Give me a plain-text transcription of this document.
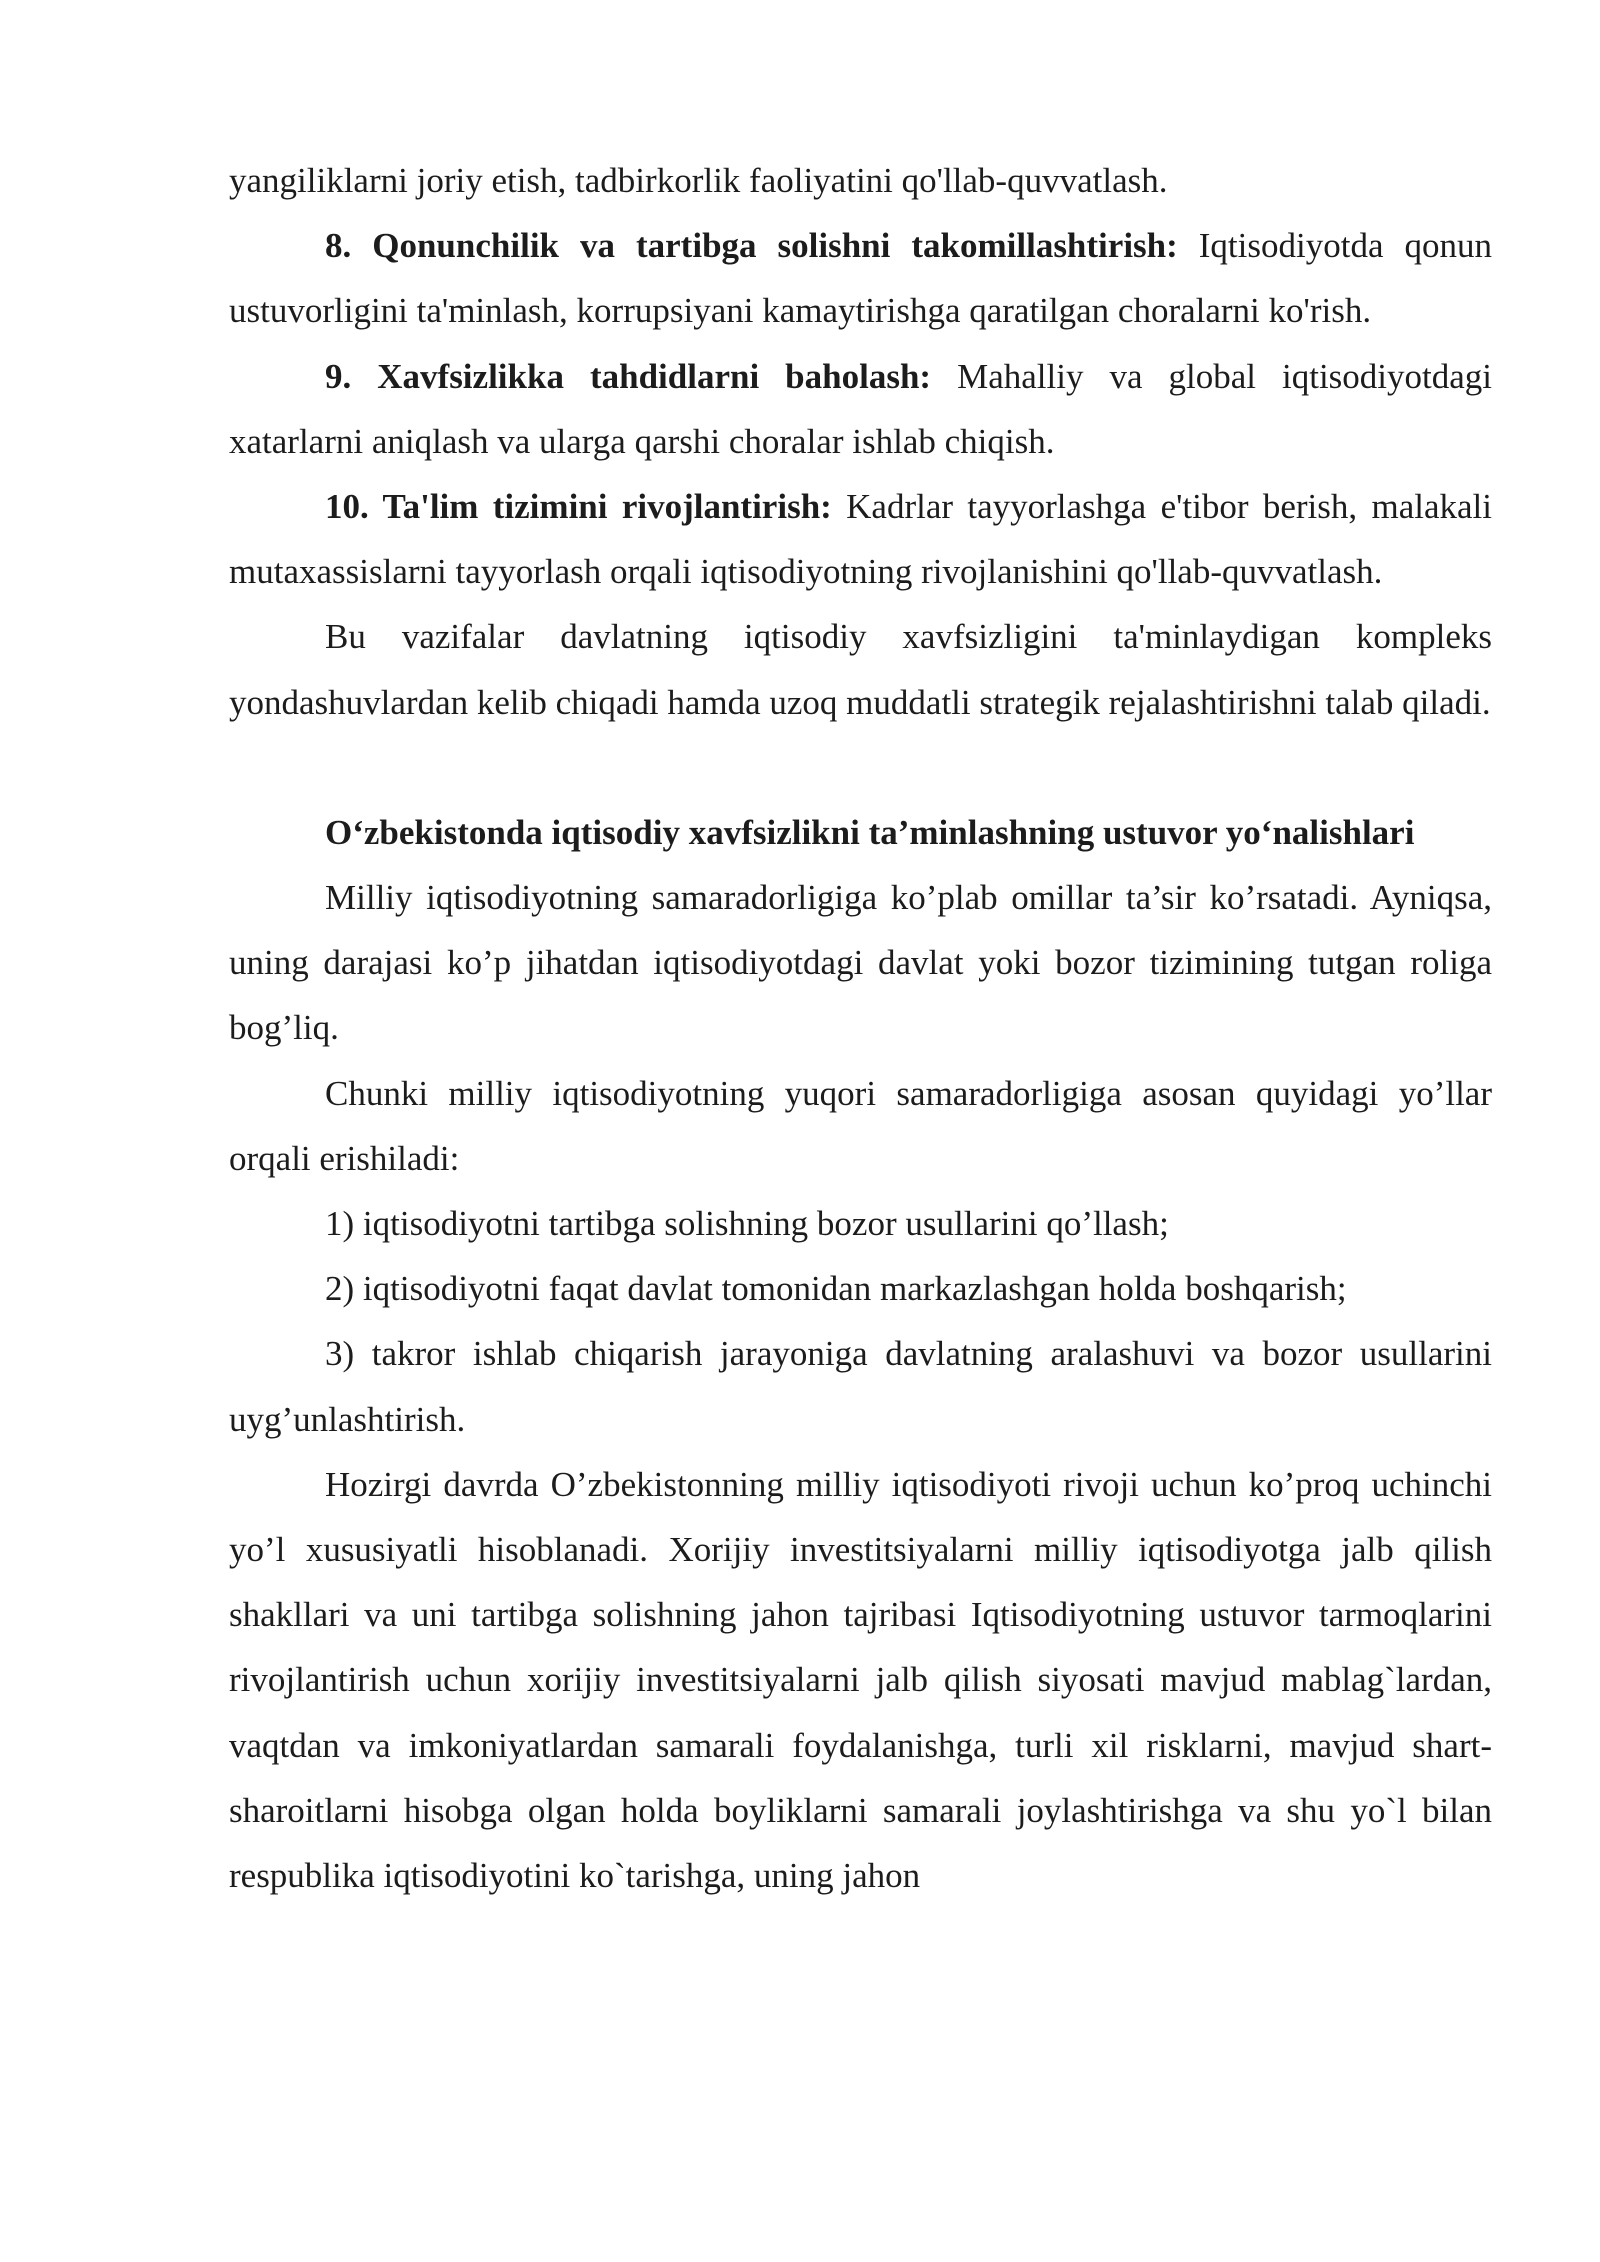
yangiliklarni joriy etish, tadbirkorlik faoliyatini qo'llab-quvvatlash.

8. Qonunchilik va tartibga solishni takomillashtirish: Iqtisodiyotda qonun ustuvorligini ta'minlash, korrupsiyani kamaytirishga qaratilgan choralarni ko'rish.

9. Xavfsizlikka tahdidlarni baholash: Mahalliy va global iqtisodiyotdagi xatarlarni aniqlash va ularga qarshi choralar ishlab chiqish.

10. Ta'lim tizimini rivojlantirish: Kadrlar tayyorlashga e'tibor berish, malakali mutaxassislarni tayyorlash orqali iqtisodiyotning rivojlanishini qo'llab-quvvatlash.

Bu vazifalar davlatning iqtisodiy xavfsizligini ta'minlaydigan kompleks yondashuvlardan kelib chiqadi hamda uzoq muddatli strategik rejalashtirishni talab qiladi.

O‘zbekistonda iqtisodiy xavfsizlikni ta’minlashning ustuvor yo‘nalishlari

Milliy iqtisodiyotning samaradorligiga ko’plab omillar ta’sir ko’rsatadi. Ayniqsa, uning darajasi ko’p jihatdan iqtisodiyotdagi davlat yoki bozor tizimining tutgan roliga bog’liq.

Chunki milliy iqtisodiyotning yuqori samaradorligiga asosan quyidagi yo’llar orqali erishiladi:

1) iqtisodiyotni tartibga solishning bozor usullarini qo’llash;

2) iqtisodiyotni faqat davlat tomonidan markazlashgan holda boshqarish;

3) takror ishlab chiqarish jarayoniga davlatning aralashuvi va bozor usullarini uyg’unlashtirish.

Hozirgi davrda O’zbekistonning milliy iqtisodiyoti rivoji uchun ko’proq uchinchi yo’l xususiyatli hisoblanadi. Xorijiy investitsiyalarni milliy iqtisodiyotga jalb qilish shakllari va uni tartibga solishning jahon tajribasi Iqtisodiyotning ustuvor tarmoqlarini rivojlantirish uchun xorijiy investitsiyalarni jalb qilish siyosati mavjud mablag`lardan, vaqtdan va imkoniyatlardan samarali foydalanishga, turli xil risklarni, mavjud shart-sharoitlarni hisobga olgan holda boyliklarni samarali joylashtirishga va shu yo`l bilan respublika iqtisodiyotini ko`tarishga, uning jahon
